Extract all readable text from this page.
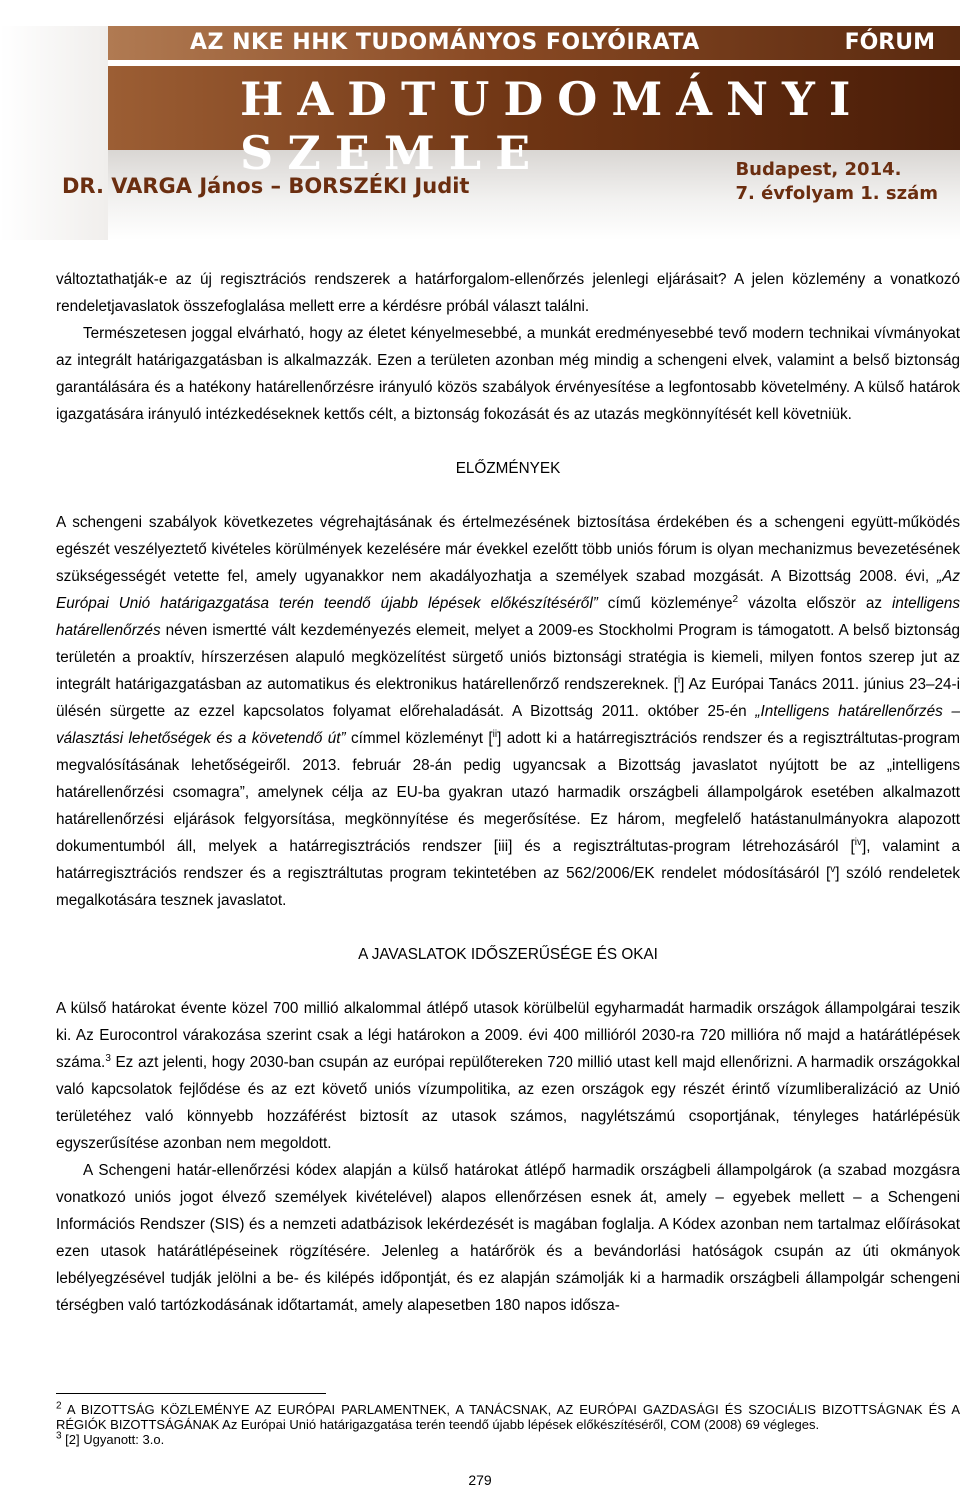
AZ NKE HHK TUDOMÁNYOS FOLYÓIRATA	FÓRUM
HADTUDOMÁNYI SZEMLE
DR. VARGA János – BORSZÉKI Judit
Budapest, 2014.
7. évfolyam 1. szám

változtathatják-e az új regisztrációs rendszerek a határforgalom-ellenőrzés jelenlegi eljárásait? A jelen közlemény a vonatkozó rendeletjavaslatok összefoglalása mellett erre a kérdésre próbál választ találni.

Természetesen joggal elvárható, hogy az életet kényelmesebbé, a munkát eredményesebbé tevő modern technikai vívmányokat az integrált határigazgatásban is alkalmazzák. Ezen a területen azonban még mindig a schengeni elvek, valamint a belső biztonság garantálására és a hatékony határellenőrzésre irányuló közös szabályok érvényesítése a legfontosabb követelmény. A külső határok igazgatására irányuló intézkedéseknek kettős célt, a biztonság fokozását és az utazás megkönnyítését kell követniük.

ELŐZMÉNYEK

A schengeni szabályok következetes végrehajtásának és értelmezésének biztosítása érdekében és a schengeni együtt-működés egészét veszélyeztető kivételes körülmények kezelésére már évekkel ezelőtt több uniós fórum is olyan mechanizmus bevezetésének szükségességét vetette fel, amely ugyanakkor nem akadályozhatja a személyek szabad mozgását. A Bizottság 2008. évi, „Az Európai Unió határigazgatása terén teendő újabb lépések előkészítéséről” című közleménye$^2$ vázolta először az intelligens határellenőrzés néven ismertté vált kezdeményezés elemeit, melyet a 2009-es Stockholmi Program is támogatott. A belső biztonság területén a proaktív, hírszerzésen alapuló megközelítést sürgető uniós biztonsági stratégia is kiemeli, milyen fontos szerep jut az integrált határigazgatásban az automatikus és elektronikus határellenőrző rendszereknek. [$^i$] Az Európai Tanács 2011. június 23–24-i ülésén sürgette az ezzel kapcsolatos folyamat előrehaladását. A Bizottság 2011. október 25-én „Intelligens határellenőrzés – választási lehetőségek és a követendő út” címmel közleményt [$^{ii}$] adott ki a határregisztrációs rendszer és a regisztráltutas-program megvalósításának lehetőségeiről. 2013. február 28-án pedig ugyancsak a Bizottság javaslatot nyújtott be az „intelligens határellenőrzési csomagra”, amelynek célja az EU-ba gyakran utazó harmadik országbeli állampolgárok esetében alkalmazott határellenőrzési eljárások felgyorsítása, megkönnyítése és megerősítése. Ez három, megfelelő hatástanulmányokra alapozott dokumentumból áll, melyek a határregisztrációs rendszer [iii] és a regisztráltutas-program létrehozásáról [$^{iv}$], valamint a határregisztrációs rendszer és a regisztráltutas program tekintetében az 562/2006/EK rendelet módosításáról [$^v$] szóló rendeletek megalkotására tesznek javaslatot.

A JAVASLATOK IDŐSZERŰSÉGE ÉS OKAI

A külső határokat évente közel 700 millió alkalommal átlépő utasok körülbelül egyharmadát harmadik országok állampolgárai teszik ki. Az Eurocontrol várakozása szerint csak a légi határokon a 2009. évi 400 millióról 2030-ra 720 millióra nő majd a határátlépések száma.$^3$ Ez azt jelenti, hogy 2030-ban csupán az európai repülőtereken 720 millió utast kell majd ellenőrizni. A harmadik országokkal való kapcsolatok fejlődése és az ezt követő uniós vízumpolitika, az ezen országok egy részét érintő vízumliberalizáció az Unió területéhez való könnyebb hozzáférést biztosít az utasok számos, nagylétszámú csoportjának, tényleges határlépésük egyszerűsítése azonban nem megoldott.

A Schengeni határ-ellenőrzési kódex alapján a külső határokat átlépő harmadik országbeli állampolgárok (a szabad mozgásra vonatkozó uniós jogot élvező személyek kivételével) alapos ellenőrzésen esnek át, amely – egyebek mellett – a Schengeni Információs Rendszer (SIS) és a nemzeti adatbázisok lekérdezését is magában foglalja. A Kódex azonban nem tartalmaz előírásokat ezen utasok határátlépéseinek rögzítésére. Jelenleg a határőrök és a bevándorlási hatóságok csupán az úti okmányok lebélyegzésével tudják jelölni a be- és kilépés időpontját, és ez alapján számolják ki a harmadik országbeli állampolgár schengeni térségben való tartózkodásának időtartamát, amely alapesetben 180 napos idősza-

$^2$ A BIZOTTSÁG KÖZLEMÉNYE AZ EURÓPAI PARLAMENTNEK, A TANÁCSNAK, AZ EURÓPAI GAZDASÁGI ÉS SZOCIÁLIS BIZOTTSÁGNAK ÉS A RÉGIÓK BIZOTTSÁGÁNAK Az Európai Unió határigazgatása terén teendő újabb lépések előkészítéséről, COM (2008) 69 végleges.

$^3$ [2] Ugyanott: 3.o.

279
